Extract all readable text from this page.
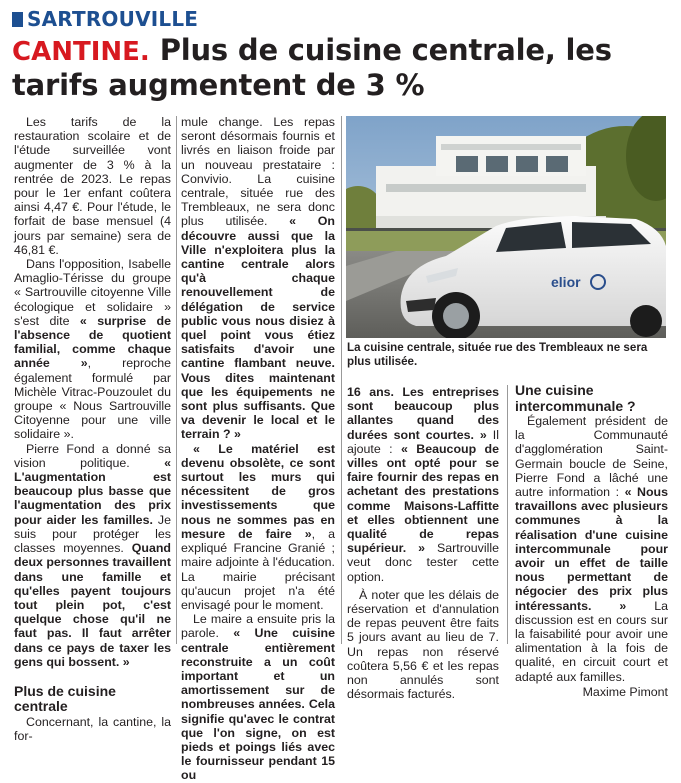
SARTROUVILLE
CANTINE. Plus de cuisine centrale, les tarifs augmentent de 3 %

Les tarifs de la restauration scolaire et de l'étude surveillée vont augmenter de 3 % à la rentrée de 2023. Le repas pour le 1er enfant coûtera ainsi 4,47 €. Pour l'étude, le forfait de base mensuel (4 jours par semaine) sera de 46,81 €.

Dans l'opposition, Isabelle Amaglio-Térisse du groupe « Sartrouville citoyenne Ville écologique et solidaire » s'est dite « surprise de l'absence de quotient familial, comme chaque année », reproche également formulé par Michèle Vitrac-Pouzoulet du groupe « Nous Sartrouville Citoyenne pour une ville solidaire ».

Pierre Fond a donné sa vision politique. « L'augmentation est beaucoup plus basse que l'augmentation des prix pour aider les familles. Je suis pour protéger les classes moyennes. Quand deux personnes travaillent dans une famille et qu'elles payent toujours tout plein pot, c'est quelque chose qu'il ne faut pas. Il faut arrêter dans ce pays de taxer les gens qui bossent. »

Plus de cuisine centrale

Concernant, la cantine, la for-

mule change. Les repas seront désormais fournis et livrés en liaison froide par un nouveau prestataire : Convivio. La cuisine centrale, située rue des Trembleaux, ne sera donc plus utilisée. « On découvre aussi que la Ville n'exploitera plus la cantine centrale alors qu'à chaque renouvellement de délégation de service public vous nous disiez à quel point vous étiez satisfaits d'avoir une cantine flambant neuve. Vous dites maintenant que les équipements ne sont plus suffisants. Que va devenir le local et le terrain ? »

« Le matériel est devenu obsolète, ce sont surtout les murs qui nécessitent de gros investissements que nous ne sommes pas en mesure de faire », a expliqué Francine Granié ; maire adjointe à l'éducation. La mairie précisant qu'aucun projet n'a été envisagé pour le moment.

Le maire a ensuite pris la parole. « Une cuisine centrale entièrement reconstruite a un coût important et un amortissement sur de nombreuses années. Cela signifie qu'avec le contrat que l'on signe, on est pieds et poings liés avec le fournisseur pendant 15 ou

elior
La cuisine centrale, située rue des Trembleaux ne sera plus utilisée.

16 ans. Les entreprises sont beaucoup plus allantes quand des durées sont courtes. » Il ajoute : « Beaucoup de villes ont opté pour se faire fournir des repas en achetant des prestations comme Maisons-Laffitte et elles obtiennent une qualité de repas supérieur. » Sartrouville veut donc tester cette option.

À noter que les délais de réservation et d'annulation de repas peuvent être faits 5 jours avant au lieu de 7. Un repas non réservé coûtera 5,56 € et les repas non annulés sont désormais facturés.

Une cuisine intercommunale ?

Également président de la Communauté d'agglomération Saint-Germain boucle de Seine, Pierre Fond a lâché une autre information : « Nous travaillons avec plusieurs communes à la réalisation d'une cuisine intercommunale pour avoir un effet de taille nous permettant de négocier des prix plus intéressants. » La discussion est en cours sur la faisabilité pour avoir une alimentation à la fois de qualité, en circuit court et adapté aux familles.

Maxime Pimont
